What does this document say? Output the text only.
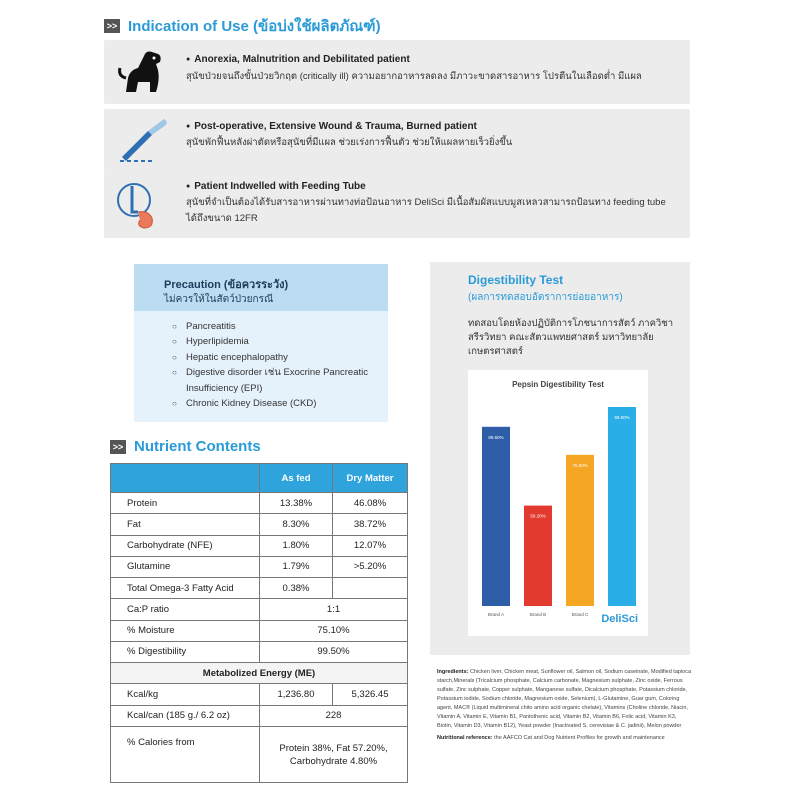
>> Indication of Use (ข้อบ่งใช้ผลิตภัณฑ์)
● Anorexia, Malnutrition and Debilitated patient
สุนัขป่วยจนถึงขั้นป่วยวิกฤต (critically ill) ความอยากอาหารลดลง มีภาวะขาดสารอาหาร โปรตีนในเลือดต่ำ มีแผล
● Post-operative, Extensive Wound & Trauma, Burned patient
สุนัขพักฟื้นหลังผ่าตัดหรือสุนัขที่มีแผล ช่วยเร่งการฟื้นตัว ช่วยให้แผลหายเร็วยิ่งขึ้น
● Patient Indwelled with Feeding Tube
สุนัขที่จำเป็นต้องได้รับสารอาหารผ่านทางท่อป้อนอาหาร DeliSci มีเนื้อสัมผัสแบบมูสเหลวสามารถป้อนทาง feeding tube ได้ถึงขนาด 12FR
Precaution (ข้อควรระวัง)
ไม่ควรให้ในสัตว์ป่วยกรณี
○ Pancreatitis
○ Hyperlipidemia
○ Hepatic encephalopathy
○ Digestive disorder เช่น Exocrine Pancreatic Insufficiency (EPI)
○ Chronic Kidney Disease (CKD)
>> Nutrient Contents
	As fed	Dry Matter
Protein	13.38%	46.08%
Fat	8.30%	38.72%
Carbohydrate (NFE)	1.80%	12.07%
Glutamine	1.79%	>5.20%
Total Omega-3 Fatty Acid	0.38%	
Ca:P ratio	1:1	
% Moisture	75.10%	
% Digestibility	99.50%	
Metabolized Energy (ME)		
Kcal/kg	1,236.80	5,326.45
Kcal/can (185 g./ 6.2 oz)	228	
% Calories from	Protein 38%, Fat 57.20%,
Carbohydrate 4.80%	
Digestibility Test
(ผลการทดสอบอัตราการย่อยอาหาร)
ทดสอบโดยห้องปฏิบัติการโภชนาการสัตว์ ภาควิชาสรีรวิทยา คณะสัตวแพทยศาสตร์ มหาวิทยาลัยเกษตรศาสตร์
Pepsin Digestibility Test
89.60%
Brand A
50.20%
Brand B
75.60%
Brand C
99.50%
DeliSci

Ingredients: Chicken liver, Chicken meat, Sunflower oil, Salmon oil, Sodium caseinate, Modified tapioca starch,Minerals (Tricalcium phosphate, Calcium carbonate, Magnesium sulphate, Zinc oxide, Ferrous sulfate, Zinc sulphate, Copper sulphate, Manganese sulfate, Dicalcium phosphate, Potassium chloride, Potassium iodide, Sodium chloride, Magnesium oxide, Selenium), L-Glutamine, Guar gum, Coloring agent, MAC® (Liquid multimineral chito amino acid organic chelate), Vitamins (Choline chloride, Niacin, Vitamin A, Vitamin E, Vitamin B1, Pantothenic acid, Vitamin B2, Vitamin B6, Folic acid, Vitamin K3, Biotin, Vitamin D3, Vitamin B12), Yeast powder (Inactivated S. cerevisiae & C. jadinii), Melon powder

Nutritional reference: the AAFCO Cat and Dog Nutrient Profiles for growth and maintenance
